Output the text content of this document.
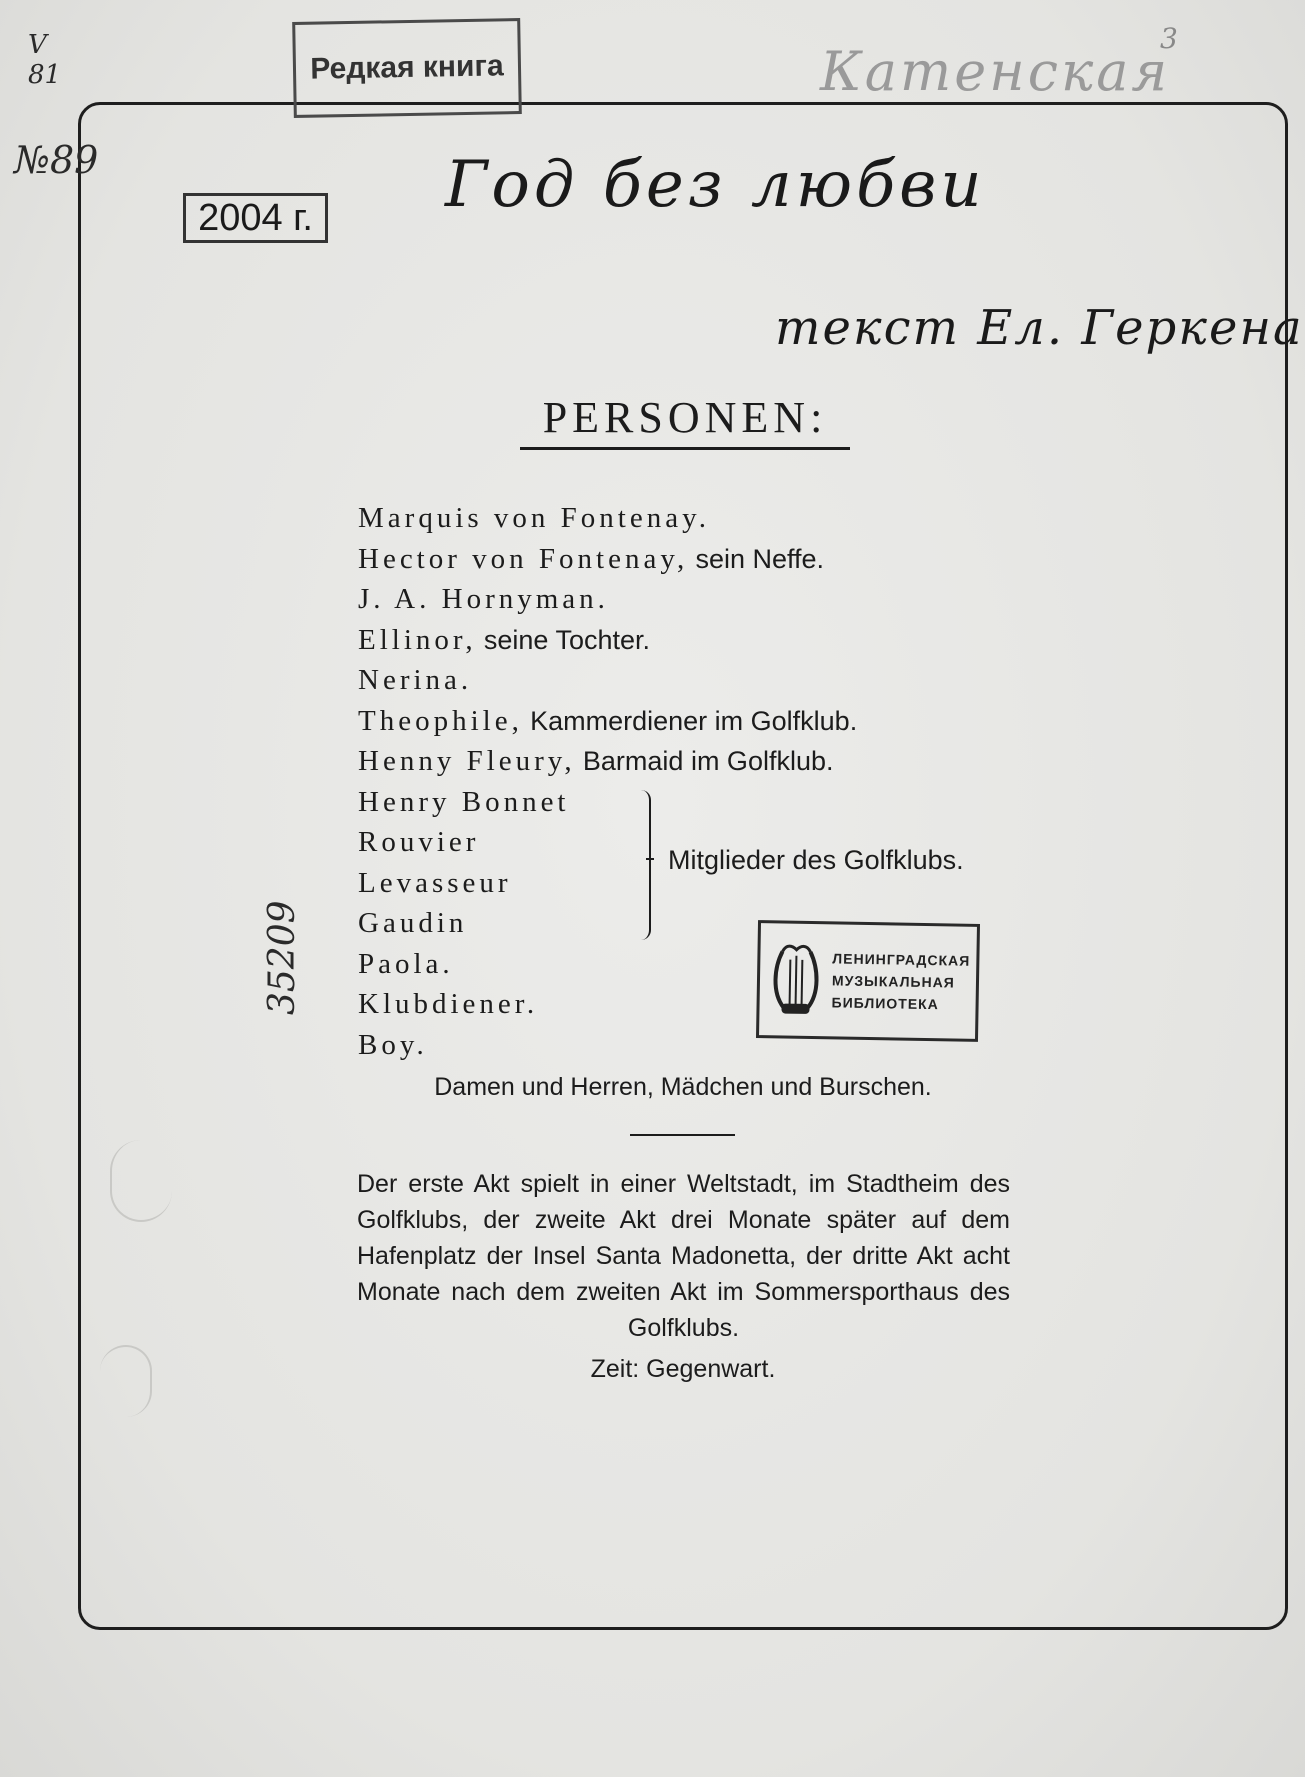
Катенская
3
V
81
№89
Редкая книга
2004 г. Год без любви
текст Ел. Геркена
PERSONEN:
Marquis von Fontenay.
Hector von Fontenay, sein Neffe.
J. A. Hornyman.
Ellinor, seine Tochter.
Nerina.
Theophile, Kammerdiener im Golfklub.
Henny Fleury, Barmaid im Golfklub.
Henry Bonnet
Rouvier
Levasseur
Gaudin
Paola.
Klubdiener.
Boy.
Mitglieder des Golfklubs.
ЛЕНИНГРАДСКАЯ
МУЗЫКАЛЬНАЯ
БИБЛИОТЕКА
35209
Damen und Herren, Mädchen und Burschen.
Der erste Akt spielt in einer Weltstadt, im Stadtheim des Golfklubs, der zweite Akt drei Monate später auf dem Hafenplatz der Insel Santa Madonetta, der dritte Akt acht Monate nach dem zweiten Akt im Sommersporthaus des Golfklubs.
Zeit: Gegenwart.
